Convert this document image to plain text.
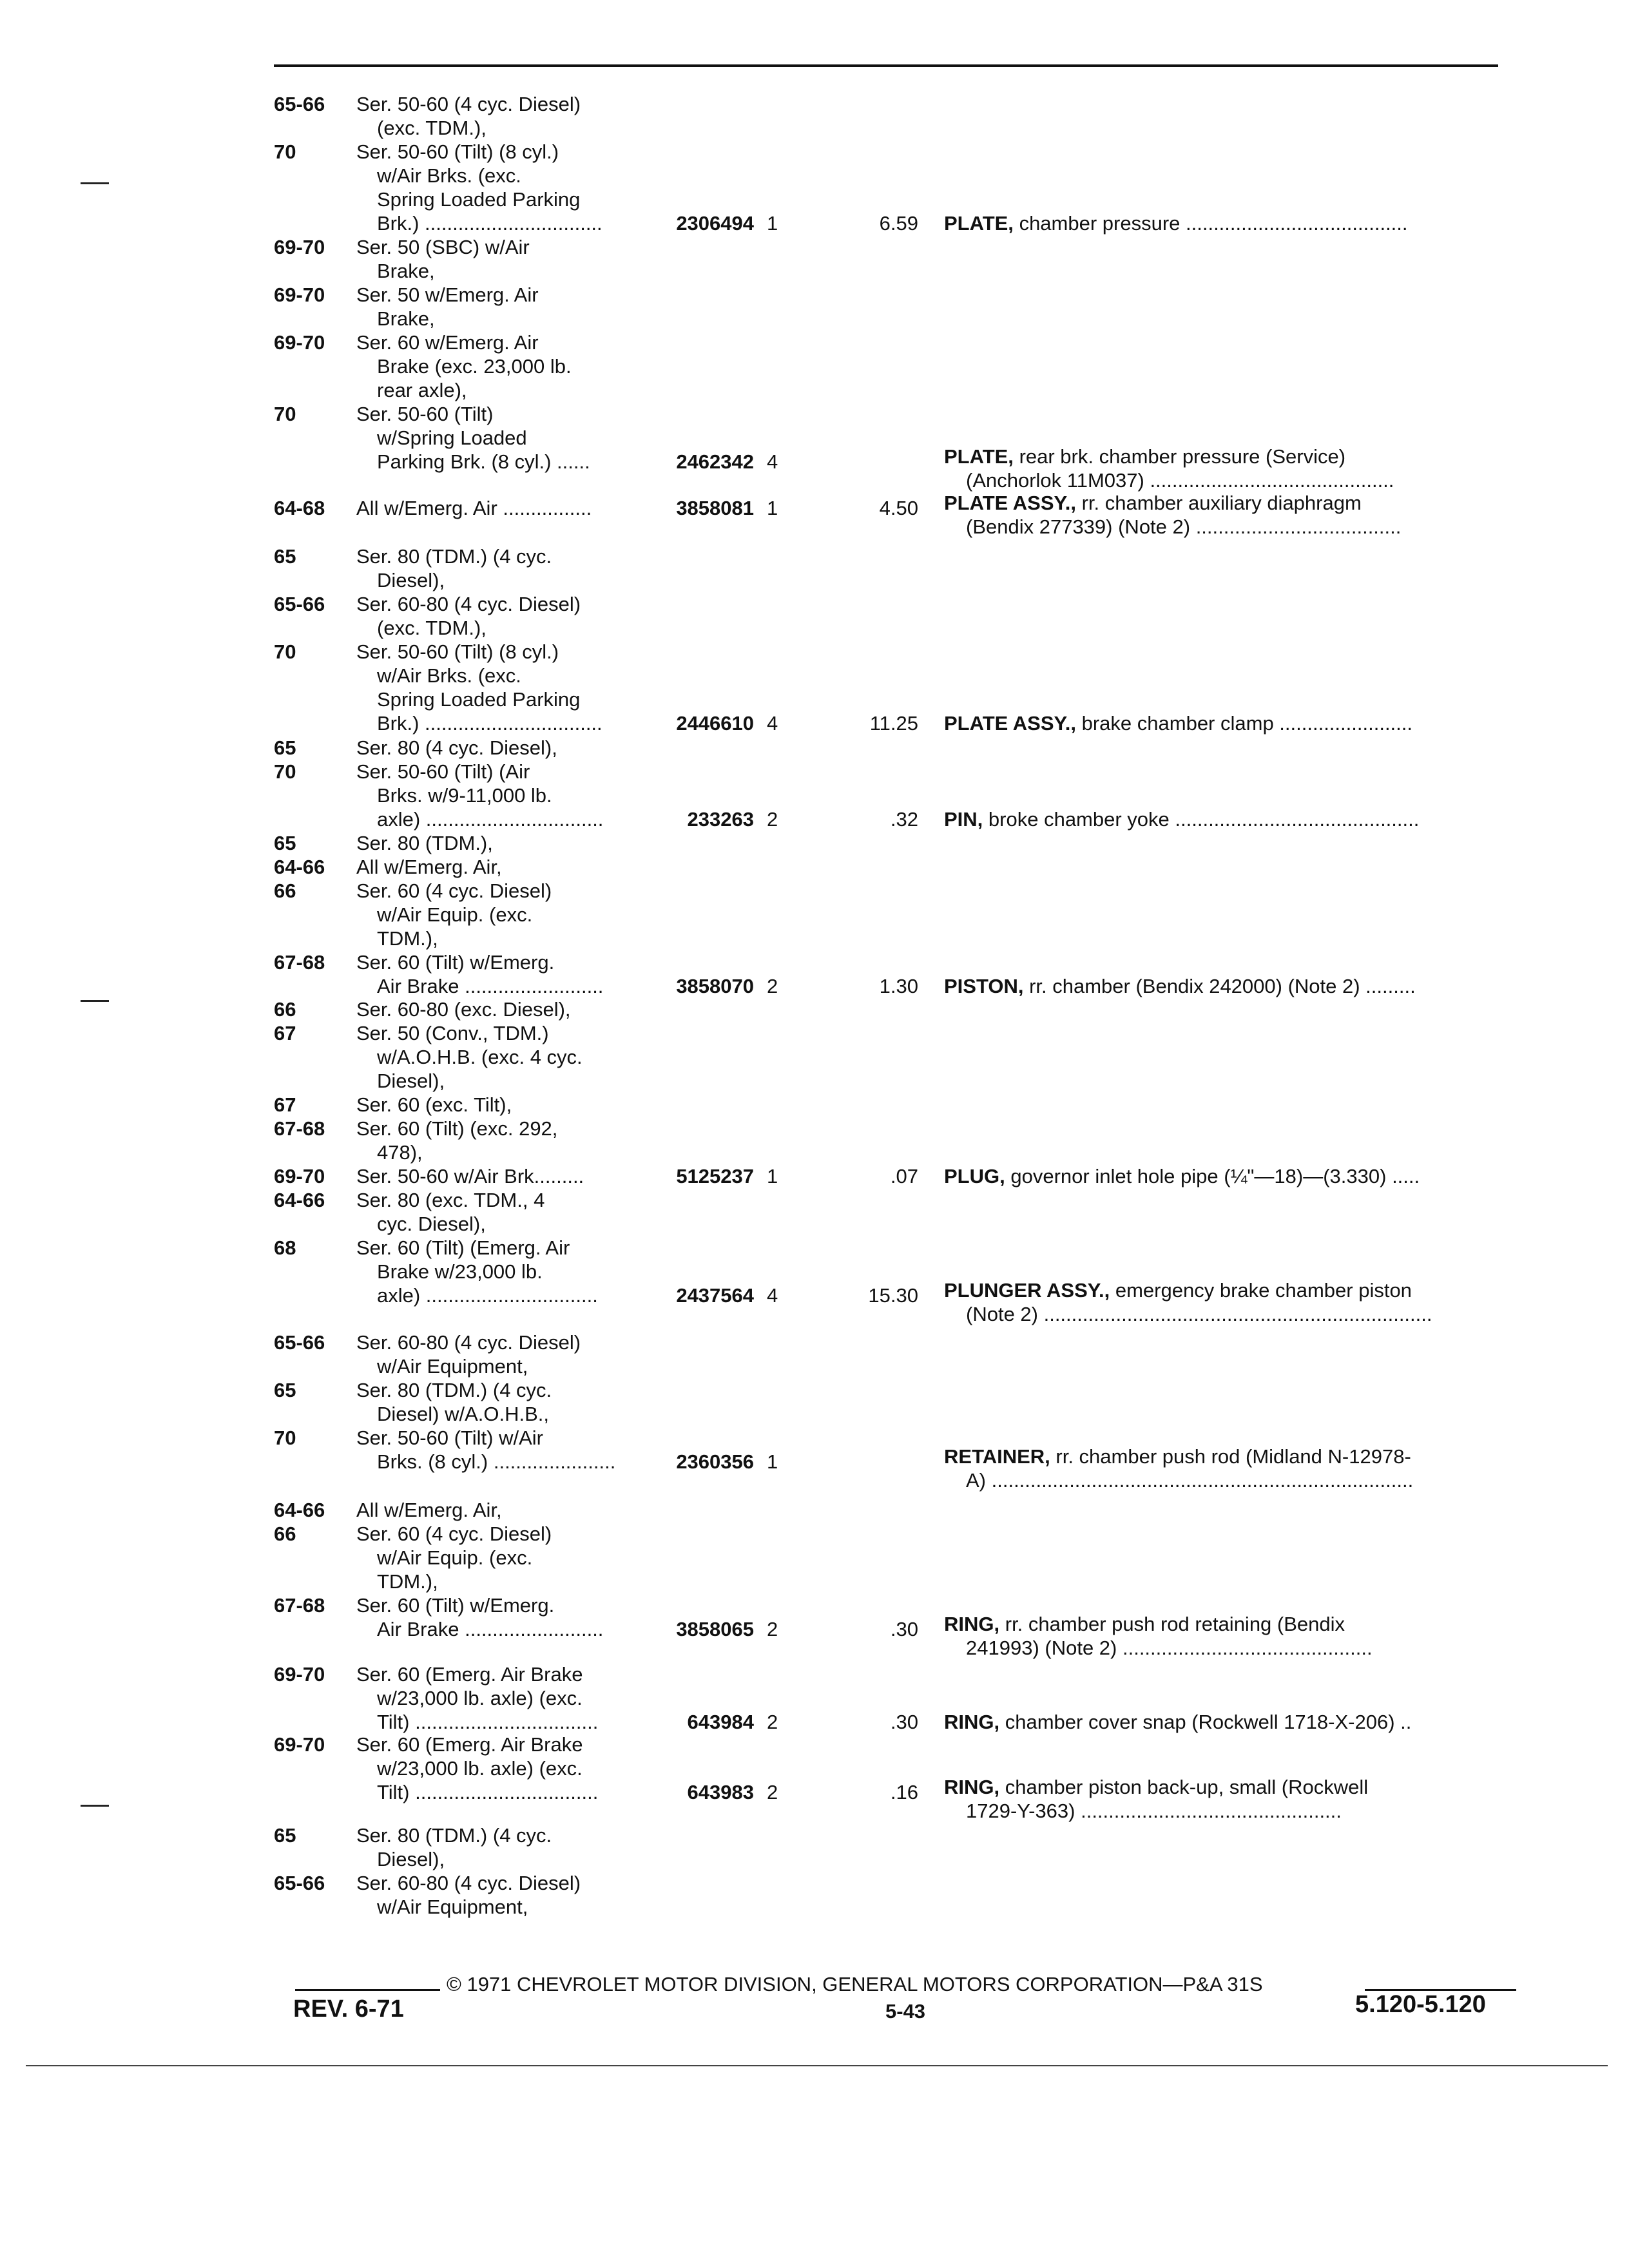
65-66	Ser. 50-60 (4 cyc. Diesel)
(exc. TDM.),
70	Ser. 50-60 (Tilt) (8 cyl.)
w/Air Brks. (exc.
Spring Loaded Parking
Brk.) ................................	2306494 1	6.59 PLATE, chamber pressure ........................................
69-70	Ser. 50 (SBC) w/Air
Brake,
69-70	Ser. 50 w/Emerg. Air
Brake,
69-70	Ser. 60 w/Emerg. Air
Brake (exc. 23,000 lb.
rear axle),
70	Ser. 50-60 (Tilt)
w/Spring Loaded
Parking Brk. (8 cyl.) ......	2462342 4	PLATE, rear brk. chamber pressure (Service)
(Anchorlok 11M037) ............................................
64-68	All w/Emerg. Air ................	3858081 1	4.50 PLATE ASSY., rr. chamber auxiliary diaphragm
(Bendix 277339) (Note 2) .....................................
65	Ser. 80 (TDM.) (4 cyc.
Diesel),
65-66	Ser. 60-80 (4 cyc. Diesel)
(exc. TDM.),
70	Ser. 50-60 (Tilt) (8 cyl.)
w/Air Brks. (exc.
Spring Loaded Parking
Brk.) ................................	2446610 4	11.25 PLATE ASSY., brake chamber clamp ........................
65	Ser. 80 (4 cyc. Diesel),
70	Ser. 50-60 (Tilt) (Air
Brks. w/9-11,000 lb.
axle) ................................	233263 2	.32 PIN, broke chamber yoke ............................................
65	Ser. 80 (TDM.),
64-66	All w/Emerg. Air,
66	Ser. 60 (4 cyc. Diesel)
w/Air Equip. (exc.
TDM.),
67-68	Ser. 60 (Tilt) w/Emerg.
Air Brake .........................	3858070 2	1.30 PISTON, rr. chamber (Bendix 242000) (Note 2) .........
66	Ser. 60-80 (exc. Diesel),
67	Ser. 50 (Conv., TDM.)
w/A.O.H.B. (exc. 4 cyc.
Diesel),
67	Ser. 60 (exc. Tilt),
67-68	Ser. 60 (Tilt) (exc. 292,
478),
69-70	Ser. 50-60 w/Air Brk.........	5125237 1	.07 PLUG, governor inlet hole pipe (¼"—18)—(3.330) .....
64-66	Ser. 80 (exc. TDM., 4
cyc. Diesel),
68	Ser. 60 (Tilt) (Emerg. Air
Brake w/23,000 lb.
axle) ...............................	2437564 4	15.30 PLUNGER ASSY., emergency brake chamber piston
(Note 2) ......................................................................
65-66	Ser. 60-80 (4 cyc. Diesel)
w/Air Equipment,
65	Ser. 80 (TDM.) (4 cyc.
Diesel) w/A.O.H.B.,
70	Ser. 50-60 (Tilt) w/Air
Brks. (8 cyl.) ......................	2360356 1	RETAINER, rr. chamber push rod (Midland N-12978-
A) ............................................................................
64-66	All w/Emerg. Air,
66	Ser. 60 (4 cyc. Diesel)
w/Air Equip. (exc.
TDM.),
67-68	Ser. 60 (Tilt) w/Emerg.
Air Brake .........................	3858065 2	.30 RING, rr. chamber push rod retaining (Bendix
241993) (Note 2) .............................................
69-70	Ser. 60 (Emerg. Air Brake
w/23,000 lb. axle) (exc.
Tilt) .................................	643984 2	.30 RING, chamber cover snap (Rockwell 1718-X-206) ..
69-70	Ser. 60 (Emerg. Air Brake
w/23,000 lb. axle) (exc.
Tilt) .................................	643983 2	.16 RING, chamber piston back-up, small (Rockwell
1729-Y-363) ...............................................
65	Ser. 80 (TDM.) (4 cyc.
Diesel),
65-66	Ser. 60-80 (4 cyc. Diesel)
w/Air Equipment,
© 1971 CHEVROLET MOTOR DIVISION, GENERAL MOTORS CORPORATION—P&A 31S
REV. 6-71	5-43	5.120-5.120
